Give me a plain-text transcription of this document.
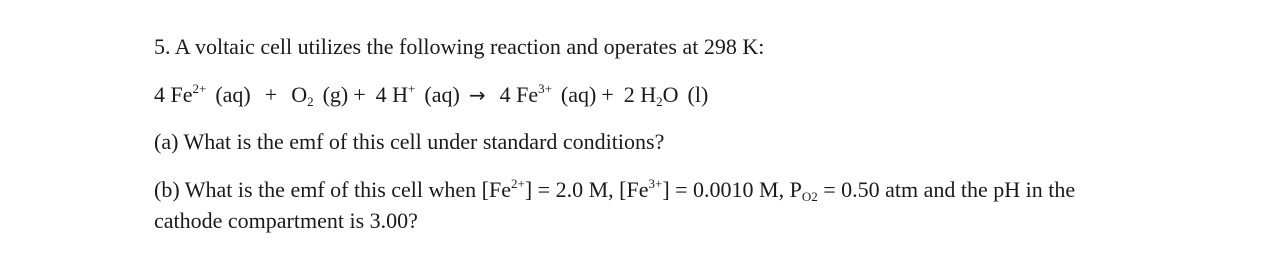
5. A voltaic cell utilizes the following reaction and operates at 298 K:
4 $Fe^{2+}$ $(aq) + O_2$ (g) + 4 H+ (aq) → 4 $Fe^{3+}$ (aq) + 2 $H_2O$ (l)
(a) What is the emf of this cell under standard conditions?
(b) What is the emf of this cell when $[Fe^{2+}] = 2.0$ M, $[Fe^{3+}] = 0.0010$ M, $P_{O2} = 0.50$ atm and the pH in the
cathode compartment is 3.00?
